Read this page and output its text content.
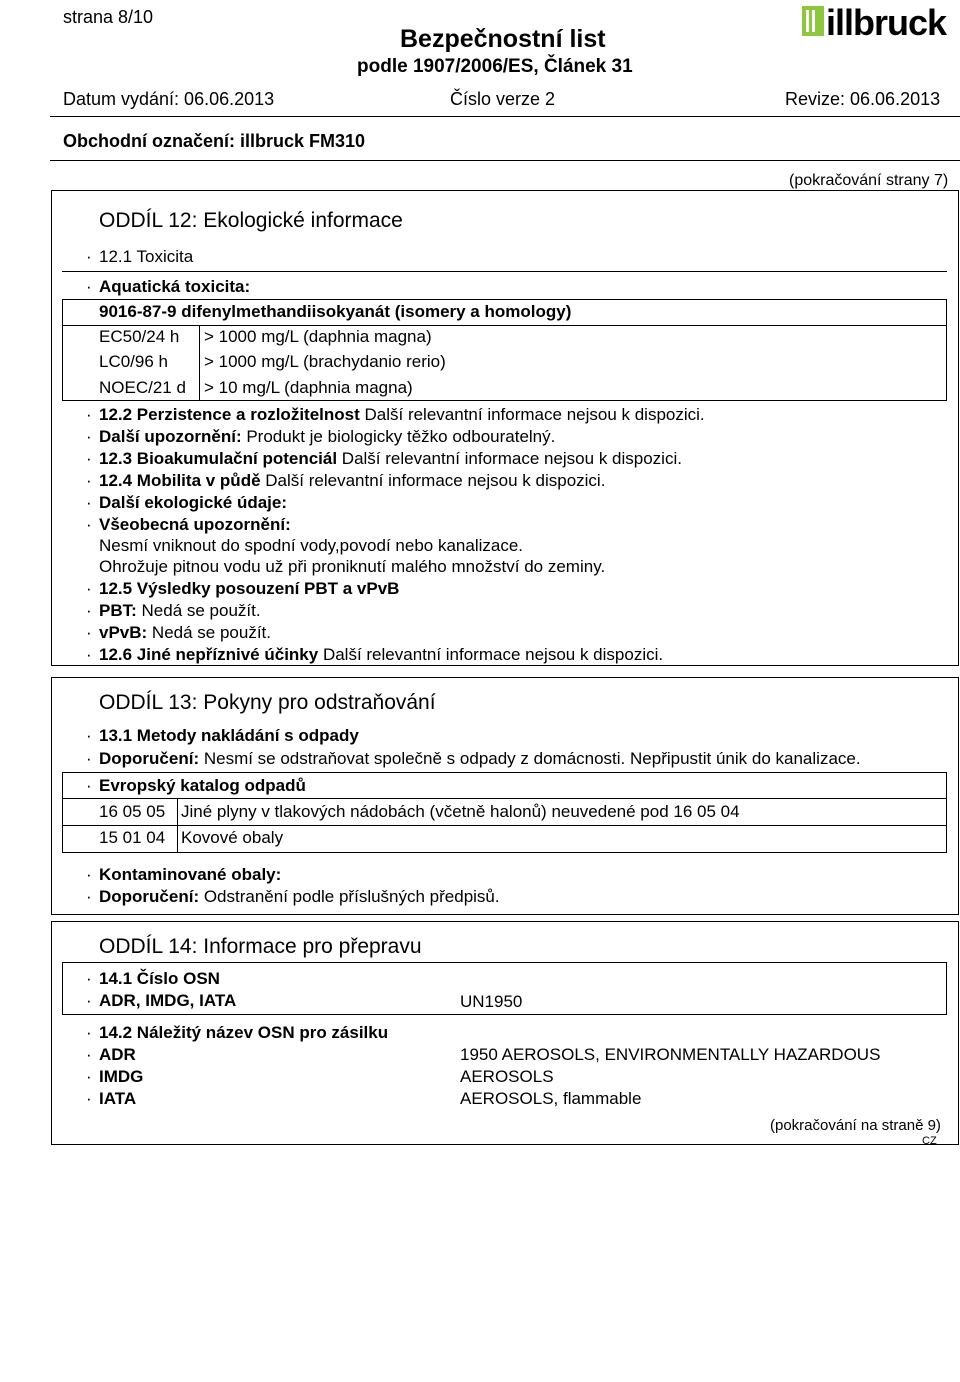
strana 8/10
Bezpečnostní list
podle 1907/2006/ES, Článek 31
illbruck
Datum vydání: 06.06.2013	Číslo verze 2	Revize: 06.06.2013
Obchodní označení: illbruck FM310
(pokračování strany 7)
ODDÍL 12: Ekologické informace
· 12.1 Toxicita
· Aquatická toxicita:
9016-87-9 difenylmethandiisokyanát (isomery a homology)
EC50/24 h > 1000 mg/L (daphnia magna)
LC0/96 h > 1000 mg/L (brachydanio rerio)
NOEC/21 d > 10 mg/L (daphnia magna)
· 12.2 Perzistence a rozložitelnost Další relevantní informace nejsou k dispozici.
· Další upozornění: Produkt je biologicky těžko odbouratelný.
· 12.3 Bioakumulační potenciál Další relevantní informace nejsou k dispozici.
· 12.4 Mobilita v půdě Další relevantní informace nejsou k dispozici.
· Další ekologické údaje:
· Všeobecná upozornění:
Nesmí vniknout do spodní vody,povodí nebo kanalizace.
Ohrožuje pitnou vodu už při proniknutí malého množství do zeminy.
· 12.5 Výsledky posouzení PBT a vPvB
· PBT: Nedá se použít.
· vPvB: Nedá se použít.
· 12.6 Jiné nepříznivé účinky Další relevantní informace nejsou k dispozici.
ODDÍL 13: Pokyny pro odstraňování
· 13.1 Metody nakládání s odpady
· Doporučení: Nesmí se odstraňovat společně s odpady z domácnosti. Nepřipustit únik do kanalizace.
· Evropský katalog odpadů
16 05 05 Jiné plyny v tlakových nádobách (včetně halonů) neuvedené pod 16 05 04
15 01 04 Kovové obaly
· Kontaminované obaly:
· Doporučení: Odstranění podle příslušných předpisů.
ODDÍL 14: Informace pro přepravu
· 14.1 Číslo OSN
· ADR, IMDG, IATA	UN1950
· 14.2 Náležitý název OSN pro zásilku
· ADR	1950 AEROSOLS, ENVIRONMENTALLY HAZARDOUS
· IMDG	AEROSOLS
· IATA	AEROSOLS, flammable
(pokračování na straně 9)
CZ
